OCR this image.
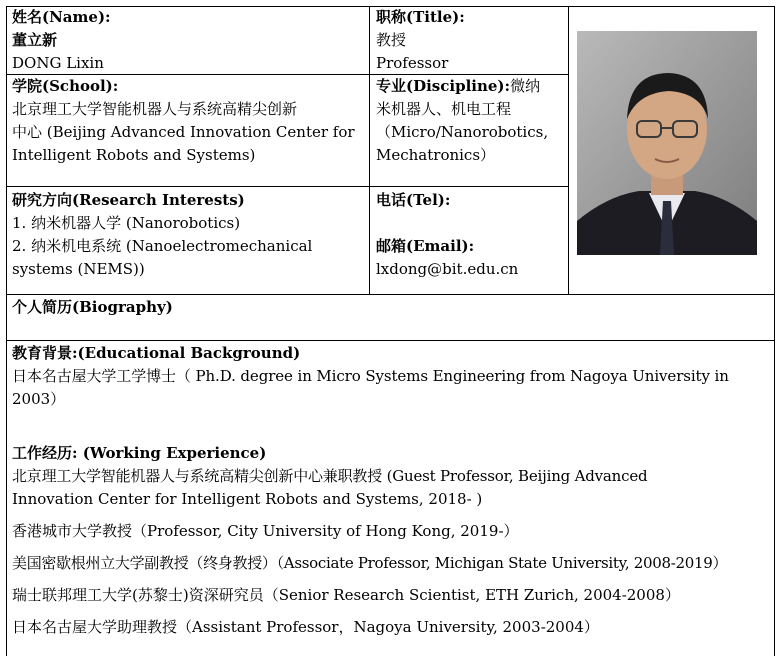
姓名(Name):
董立新
DONG Lixin
职称(Title):
教授
Professor
学院(School):
北京理工大学智能机器人与系统高精尖创新
中心 (Beijing Advanced Innovation Center for
Intelligent Robots and Systems)
专业(Discipline):微纳
米机器人、机电工程
（Micro/Nanorobotics,
Mechatronics）
研究方向(Research Interests)
1. 纳米机器人学 (Nanorobotics)
2. 纳米机电系统 (Nanoelectromechanical
systems (NEMS))
电话(Tel):
邮箱(Email):
lxdong@bit.edu.cn
个人简历(Biography)
教育背景:(Educational Background)
日本名古屋大学工学博士（ Ph.D. degree in Micro Systems Engineering from Nagoya University in
2003）
工作经历: (Working Experience)
北京理工大学智能机器人与系统高精尖创新中心兼职教授 (Guest Professor, Beijing Advanced
Innovation Center for Intelligent Robots and Systems, 2018- )
香港城市大学教授（Professor, City University of Hong Kong, 2019-）
美国密歇根州立大学副教授（终身教授）（Associate Professor, Michigan State University, 2008-2019）
瑞士联邦理工大学(苏黎士)资深研究员（Senior Research Scientist, ETH Zurich, 2004-2008）
日本名古屋大学助理教授（Assistant Professor，Nagoya University, 2003-2004）
